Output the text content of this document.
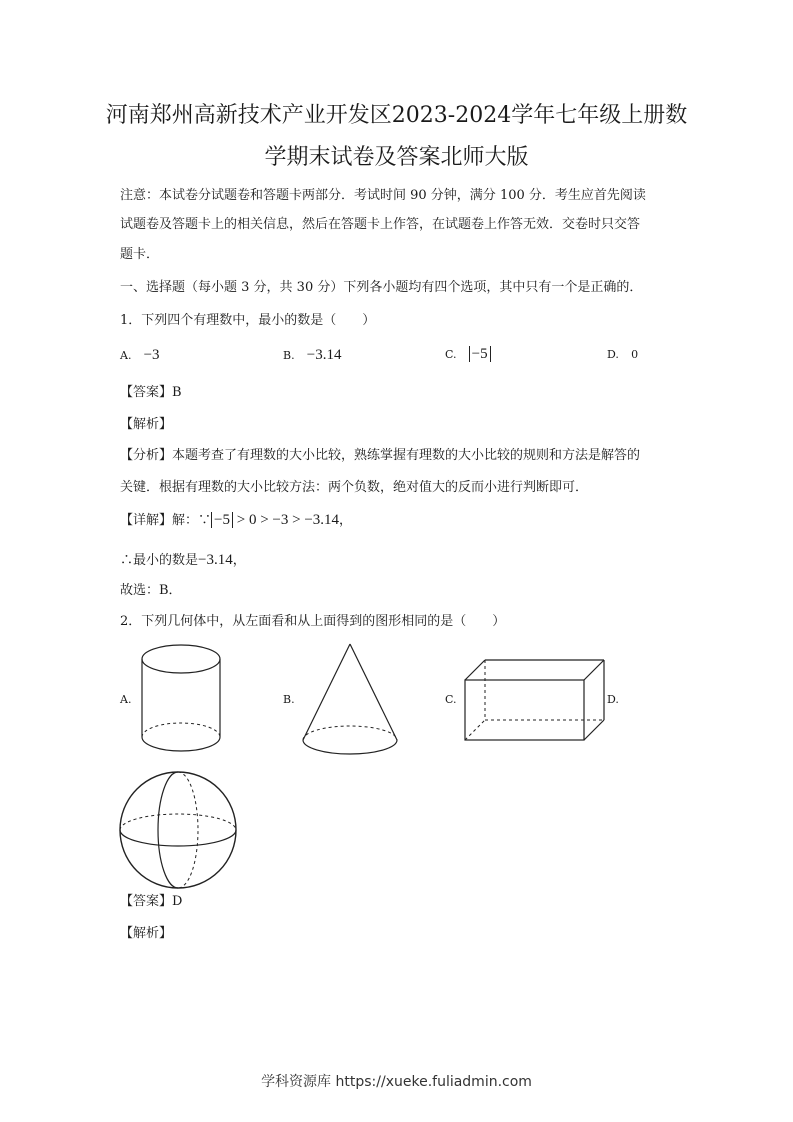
河南郑州高新技术产业开发区2023-2024学年七年级上册数
学期末试卷及答案北师大版
注意：本试卷分试题卷和答题卡两部分．考试时间 90 分钟，满分 100 分．考生应首先阅读
试题卷及答题卡上的相关信息，然后在答题卡上作答，在试题卷上作答无效．交卷时只交答
题卡．
一、选择题（每小题 3 分，共 30 分）下列各小题均有四个选项，其中只有一个是正确的．
1．下列四个有理数中，最小的数是（　　）
A. −3	B. −3.14	C. −5	D. 0
【答案】B
【解析】
【分析】本题考查了有理数的大小比较，熟练掌握有理数的大小比较的规则和方法是解答的
关键．根据有理数的大小比较方法：两个负数，绝对值大的反而小进行判断即可．
【详解】解：∵ −5 > 0 > −3 > −3.14，
∴最小的数是−3.14，
故选：B．
2．下列几何体中，从左面看和从上面得到的图形相同的是（　　）
A.	B.	C.	D.
【答案】D
【解析】
学科资源库 https://xueke.fuliadmin.com
